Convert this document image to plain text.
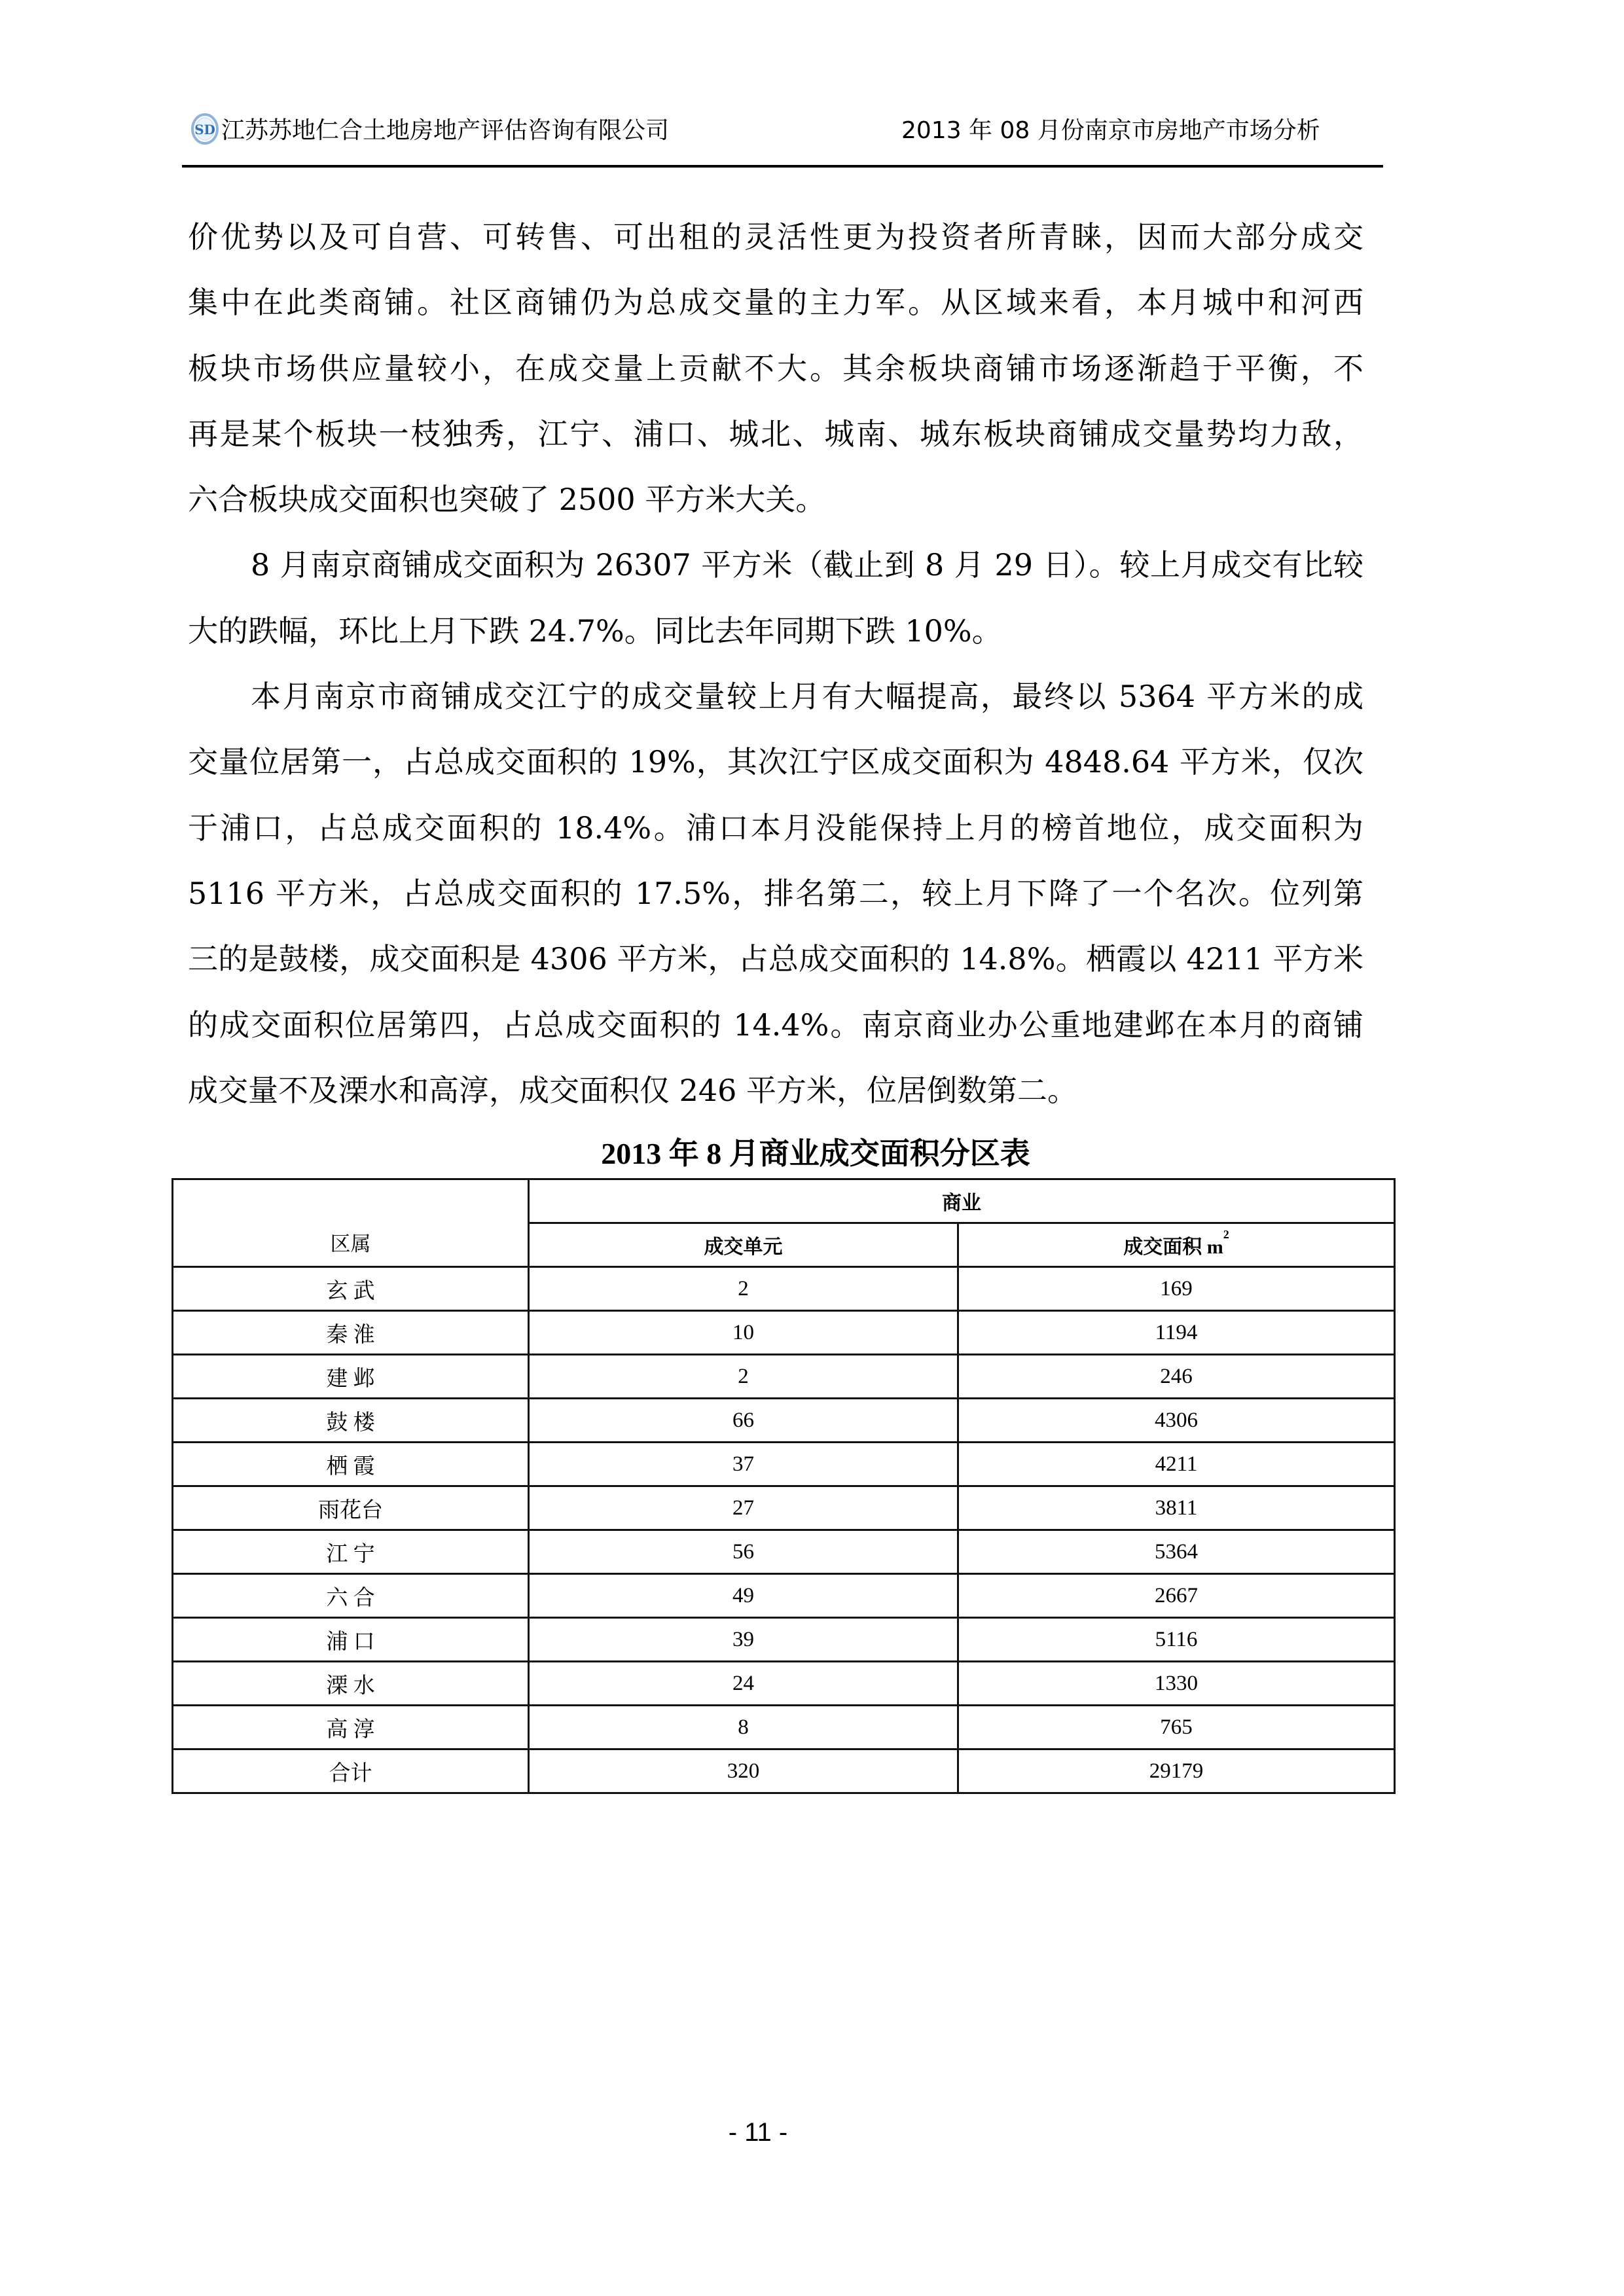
SD 江苏苏地仁合土地房地产评估咨询有限公司	2013 年 08 月份南京市房地产市场分析
价优势以及可自营、可转售、可出租的灵活性更为投资者所青睐，因而大部分成交
集中在此类商铺。社区商铺仍为总成交量的主力军。从区域来看，本月城中和河西
板块市场供应量较小，在成交量上贡献不大。其余板块商铺市场逐渐趋于平衡，不
再是某个板块一枝独秀，江宁、浦口、城北、城南、城东板块商铺成交量势均力敌，
六合板块成交面积也突破了 2500 平方米大关。
8 月南京商铺成交面积为 26307 平方米（截止到 8 月 29 日）。较上月成交有比较
大的跌幅，环比上月下跌 24.7%。同比去年同期下跌 10%。
本月南京市商铺成交江宁的成交量较上月有大幅提高，最终以 5364 平方米的成
交量位居第一，占总成交面积的 19%，其次江宁区成交面积为 4848.64 平方米，仅次
于浦口，占总成交面积的 18.4%。浦口本月没能保持上月的榜首地位，成交面积为
5116 平方米，占总成交面积的 17.5%，排名第二，较上月下降了一个名次。位列第
三的是鼓楼，成交面积是 4306 平方米，占总成交面积的 14.8%。栖霞以 4211 平方米
的成交面积位居第四，占总成交面积的 14.4%。南京商业办公重地建邺在本月的商铺
成交量不及溧水和高淳，成交面积仅 246 平方米，位居倒数第二。
2013 年 8 月商业成交面积分区表
区属	商业	
	成交单元	成交面积 $m^2$
玄 武	2	169
秦 淮	10	1194
建 邺	2	246
鼓 楼	66	4306
栖 霞	37	4211
雨花台	27	3811
江 宁	56	5364
六 合	49	2667
浦 口	39	5116
溧 水	24	1330
高 淳	8	765
合计	320	29179
- 11 -
